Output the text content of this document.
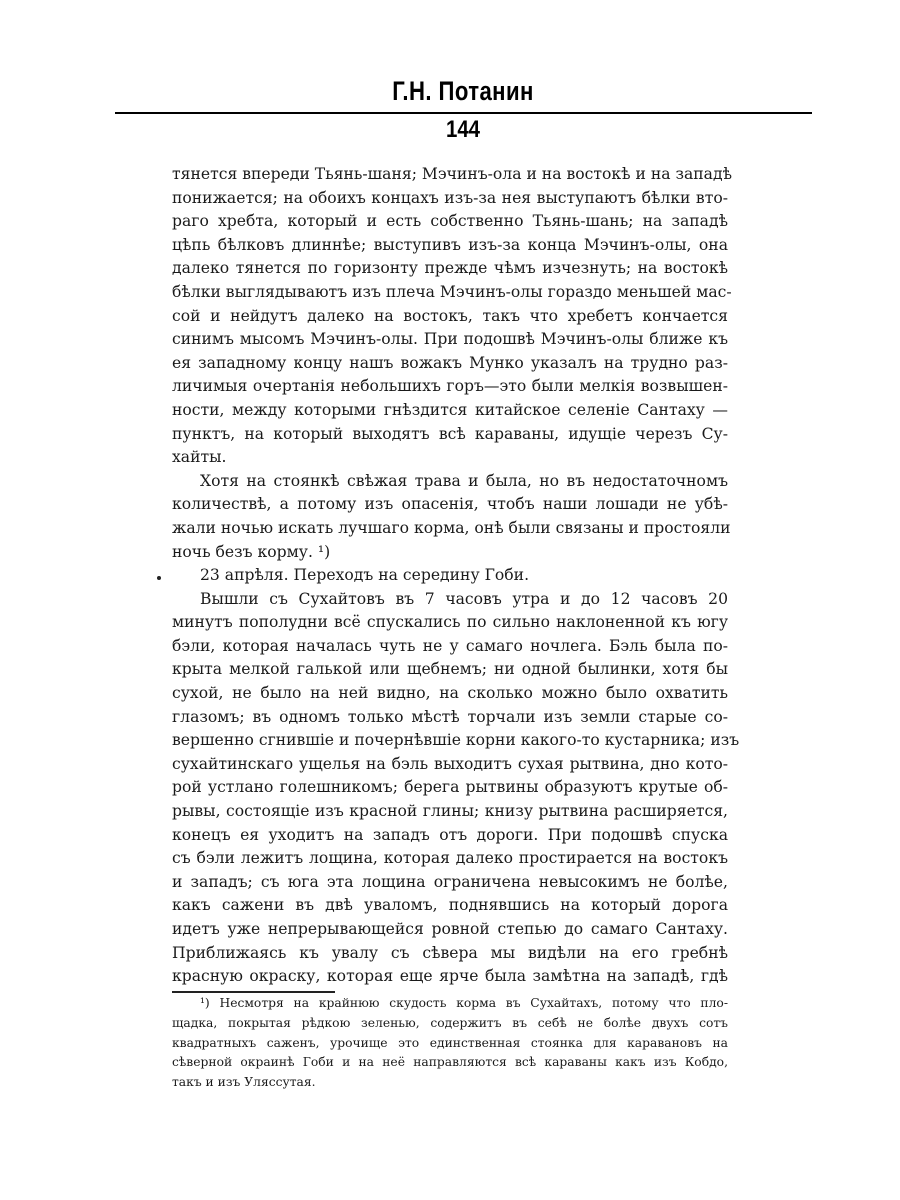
Г.Н. Потанин
144
тянется впереди Тьянь-шаня; Мэчинъ-ола и на востокѣ и на западѣ
понижается; на обоихъ концахъ изъ-за нея выступаютъ бѣлки вто-
раго хребта, который и есть собственно Тьянь-шань; на западѣ
цѣпь бѣлковъ длиннѣе; выступивъ изъ-за конца Мэчинъ-олы, она
далеко тянется по горизонту прежде чѣмъ изчезнуть; на востокѣ
бѣлки выглядываютъ изъ плеча Мэчинъ-олы гораздо меньшей мас-
сой и нейдутъ далеко на востокъ, такъ что хребетъ кончается
синимъ мысомъ Мэчинъ-олы. При подошвѣ Мэчинъ-олы ближе къ
ея западному концу нашъ вожакъ Мунко указалъ на трудно раз-
личимыя очертанія небольшихъ горъ—это были мелкія возвышен-
ности, между которыми гнѣздится китайское селеніе Сантаху —
пунктъ, на который выходятъ всѣ караваны, идущіе черезъ Су-
хайты.
Хотя на стоянкѣ свѣжая трава и была, но въ недостаточномъ
количествѣ, а потому изъ опасенія, чтобъ наши лошади не убѣ-
жали ночью искать лучшаго корма, онѣ были связаны и простояли
ночь безъ корму. ¹)
23 апрѣля. Переходъ на середину Гоби.
Вышли съ Сухайтовъ въ 7 часовъ утра и до 12 часовъ 20
минутъ пополудни всё спускались по сильно наклоненной къ югу
бэли, которая началась чуть не у самаго ночлега. Бэль была по-
крыта мелкой галькой или щебнемъ; ни одной былинки, хотя бы
сухой, не было на ней видно, на сколько можно было охватить
глазомъ; въ одномъ только мѣстѣ торчали изъ земли старые со-
вершенно сгнившіе и почернѣвшіе корни какого-то кустарника; изъ
сухайтинскаго ущелья на бэль выходитъ сухая рытвина, дно кото-
рой устлано голешникомъ; берега рытвины образуютъ крутые об-
рывы, состоящіе изъ красной глины; книзу рытвина расширяется,
конецъ ея уходитъ на западъ отъ дороги. При подошвѣ спуска
съ бэли лежитъ лощина, которая далеко простирается на востокъ
и западъ; съ юга эта лощина ограничена невысокимъ не болѣе,
какъ сажени въ двѣ уваломъ, поднявшись на который дорога
идетъ уже непрерывающейся ровной степью до самаго Сантаху.
Приближаясь къ увалу съ сѣвера мы видѣли на его гребнѣ
красную окраску, которая еще ярче была замѣтна на западѣ, гдѣ
¹) Несмотря на крайнюю скудость корма въ Сухайтахъ, потому что пло-
щадка, покрытая рѣдкою зеленью, содержитъ въ себѣ не болѣе двухъ сотъ
квадратныхъ саженъ, урочище это единственная стоянка для каравановъ на
сѣверной окраинѣ Гоби и на неё направляются всѣ караваны какъ изъ Кобдо,
такъ и изъ Улясcутая.
